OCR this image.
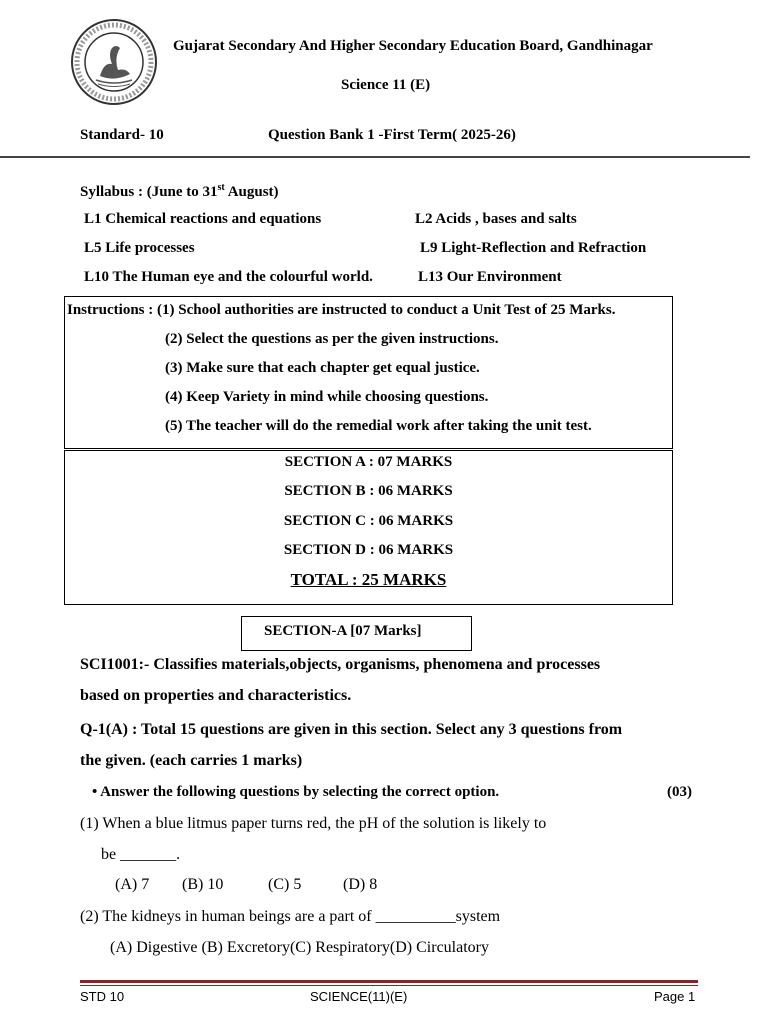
Gujarat Secondary And Higher Secondary Education Board, Gandhinagar
Science 11 (E)
Standard- 10	Question Bank 1 -First Term( 2025-26)
Syllabus : (June to 31st August)
L1 Chemical reactions and equations	L2 Acids , bases and salts
L5 Life processes	L9 Light-Reflection and Refraction
L10 The Human eye and the colourful world.	L13 Our Environment
Instructions : (1) School authorities are instructed to conduct a Unit Test of 25 Marks.
(2) Select the questions as per the given instructions.
(3) Make sure that each chapter get equal justice.
(4) Keep Variety in mind while choosing questions.
(5) The teacher will do the remedial work after taking the unit test.
SECTION A : 07 MARKS
SECTION B : 06 MARKS
SECTION C : 06 MARKS
SECTION D : 06 MARKS
TOTAL : 25 MARKS
SECTION-A [07 Marks]
SCI1001:- Classifies materials,objects, organisms, phenomena and processes
based on properties and characteristics.
Q-1(A) : Total 15 questions are given in this section. Select any 3 questions from
the given. (each carries 1 marks)
• Answer the following questions by selecting the correct option.	(03)
(1) When a blue litmus paper turns red, the pH of the solution is likely to
be _______.
(A) 7 (B) 10	(C) 5	(D) 8
(2) The kidneys in human beings are a part of __________system
(A) Digestive (B) Excretory(C) Respiratory(D) Circulatory
STD 10	SCIENCE(11)(E)	Page 1
